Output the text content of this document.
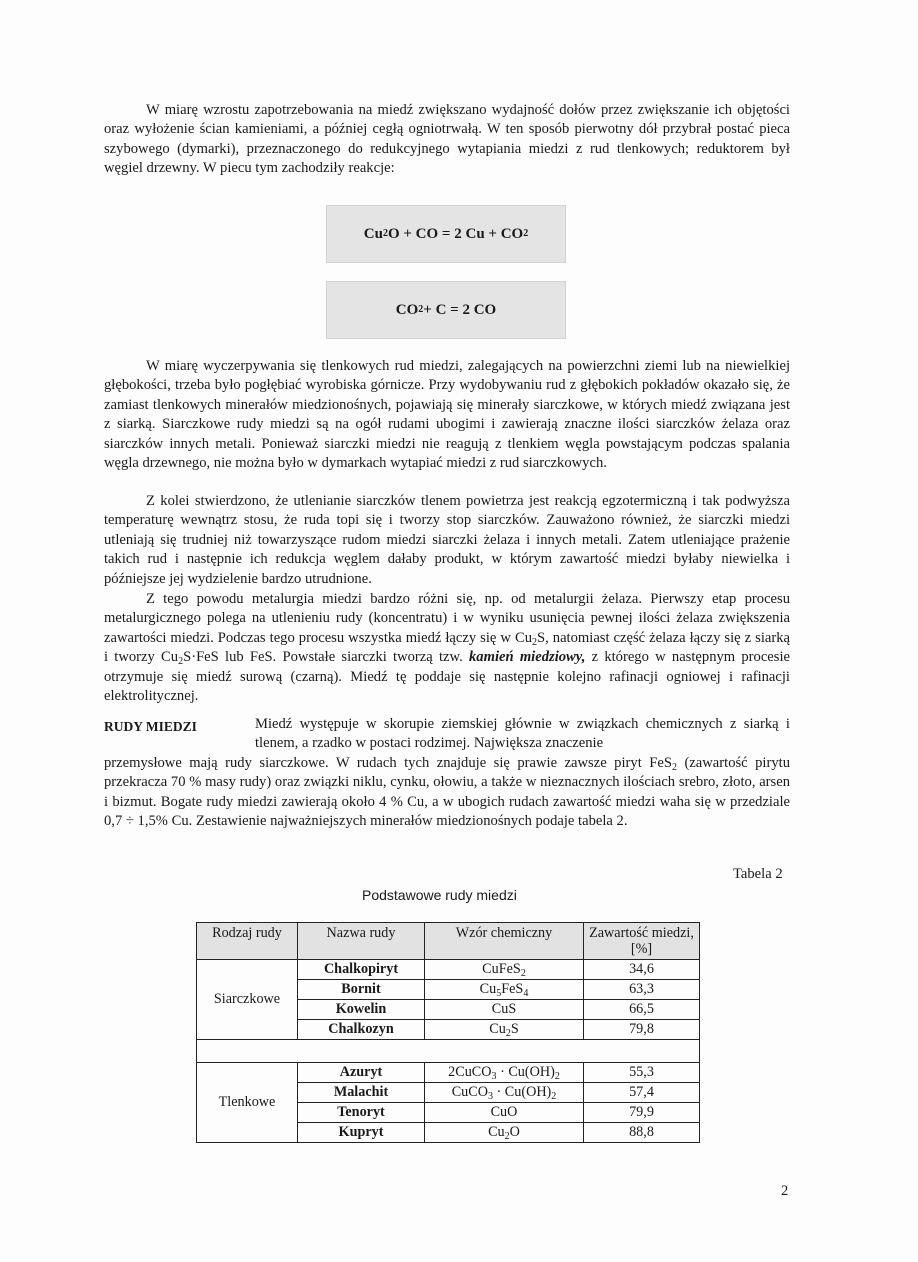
W miarę wzrostu zapotrzebowania na miedź zwiększano wydajność dołów przez zwiększanie ich objętości oraz wyłożenie ścian kamieniami, a później cegłą ogniotrwałą. W ten sposób pierwotny dół przybrał postać pieca szybowego (dymarki), przeznaczonego do redukcyjnego wytapiania miedzi z rud tlenkowych; reduktorem był węgiel drzewny. W piecu tym zachodziły reakcje:

Cu 2 O + CO = 2 Cu + CO 2
CO 2 + C = 2 CO

W miarę wyczerpywania się tlenkowych rud miedzi, zalegających na powierzchni ziemi lub na niewielkiej głębokości, trzeba było pogłębiać wyrobiska górnicze. Przy wydobywaniu rud z głębokich pokładów okazało się, że zamiast tlenkowych minerałów miedzionośnych, pojawiają się minerały siarczkowe, w których miedź związana jest z siarką. Siarczkowe rudy miedzi są na ogół rudami ubogimi i zawierają znaczne ilości siarczków żelaza oraz siarczków innych metali. Ponieważ siarczki miedzi nie reagują z tlenkiem węgla powstającym podczas spalania węgla drzewnego, nie można było w dymarkach wytapiać miedzi z rud siarczkowych.

Z kolei stwierdzono, że utlenianie siarczków tlenem powietrza jest reakcją egzotermiczną i tak podwyższa temperaturę wewnątrz stosu, że ruda topi się i tworzy stop siarczków. Zauważono również, że siarczki miedzi utleniają się trudniej niż towarzyszące rudom miedzi siarczki żelaza i innych metali. Zatem utleniające prażenie takich rud i następnie ich redukcja węglem dałaby produkt, w którym zawartość miedzi byłaby niewielka i późniejsze jej wydzielenie bardzo utrudnione.

Z tego powodu metalurgia miedzi bardzo różni się, np. od metalurgii żelaza. Pierwszy etap procesu metalurgicznego polega na utlenieniu rudy (koncentratu) i w wyniku usunięcia pewnej ilości żelaza zwiększenia zawartości miedzi. Podczas tego procesu wszystka miedź łączy się w $Cu_2S$, natomiast część żelaza łączy się z siarką i tworzy $Cu_2S\cdot FeS$ lub FeS. Powstałe siarczki tworzą tzw. kamień miedziowy, z którego w następnym procesie otrzymuje się miedź surową (czarną). Miedź tę poddaje się następnie kolejno rafinacji ogniowej i rafinacji elektrolitycznej.

RUDY MIEDZI	Miedź występuje w skorupie ziemskiej głównie w związkach chemicznych z siarką i tlenem, a rzadko w postaci rodzimej. Największa znaczenie

przemysłowe mają rudy siarczkowe. W rudach tych znajduje się prawie zawsze piryt FeS$_2$ (zawartość pirytu przekracza 70 % masy rudy) oraz związki niklu, cynku, ołowiu, a także w nieznacznych ilościach srebro, złoto, arsen i bizmut. Bogate rudy miedzi zawierają około 4 % Cu, a w ubogich rudach zawartość miedzi waha się w przedziale 0,7 ÷ 1,5% Cu. Zestawienie najważniejszych minerałów miedzionośnych podaje tabela 2.

Tabela 2
Podstawowe rudy miedzi
Rodzaj rudy	Nazwa rudy	Wzór chemiczny	Zawartość miedzi, [%]
Siarczkowe	Chalkopiryt	CuFeS$_2$	34,6
	Bornit	$Cu_5FeS_4$	63,3
	Kowelin	CuS	66,5
	Chalkozyn	$Cu_2S$	79,8

Tlenkowe	Azuryt	2CuCO$_3$ · $Cu(OH)_2$	55,3
	Malachit	CuCO$_3$ · $Cu(OH)_2$	57,4
	Tenoryt	CuO	79,9
	Kupryt	$Cu_2O$	88,8
2
